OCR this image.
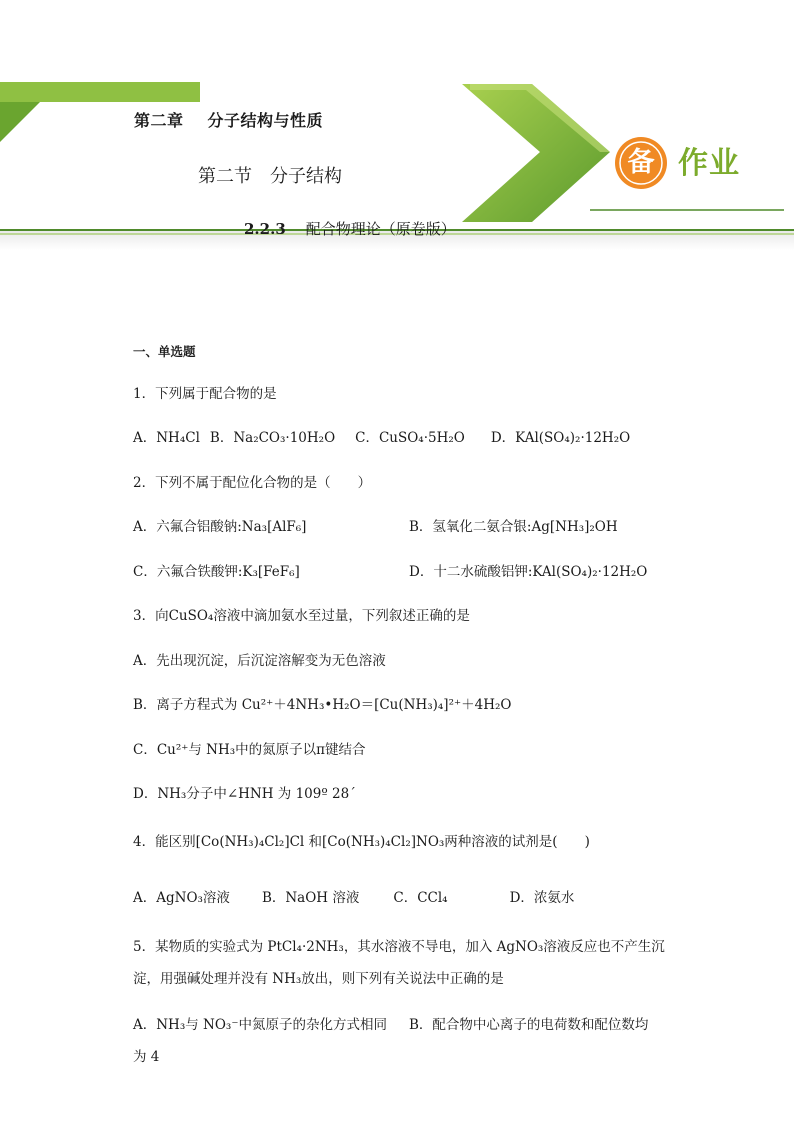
第二章 分子结构与性质
第二节 分子结构
2.2.3 配合物理论（原卷版）
备 作业
一、单选题
1．下列属于配合物的是
A．NH₄Cl B．Na₂CO₃·10H₂O C．CuSO₄·5H₂O D．KAl(SO₄)₂·12H₂O
2．下列不属于配位化合物的是（　　）
A．六氟合铝酸钠:Na₃[AlF₆]	B．氢氧化二氨合银:Ag[NH₃]₂OH
C．六氟合铁酸钾:K₃[FeF₆]	D．十二水硫酸铝钾:KAl(SO₄)₂·12H₂O
3．向CuSO₄溶液中滴加氨水至过量，下列叙述正确的是
A．先出现沉淀，后沉淀溶解变为无色溶液
B．离子方程式为 Cu²⁺＋4NH₃•H₂O＝[Cu(NH₃)₄]²⁺＋4H₂O
C．Cu²⁺与 NH₃中的氮原子以π键结合
D．NH₃分子中∠HNH 为 109º 28´
4．能区别[Co(NH₃)₄Cl₂]Cl 和[Co(NH₃)₄Cl₂]NO₃两种溶液的试剂是(　　)
A．AgNO₃溶液 B．NaOH 溶液	C．CCl₄	D．浓氨水
5．某物质的实验式为 PtCl₄·2NH₃，其水溶液不导电，加入 AgNO₃溶液反应也不产生沉
淀，用强碱处理并没有 NH₃放出，则下列有关说法中正确的是
A．NH₃与 NO₃⁻中氮原子的杂化方式相同 B．配合物中心离子的电荷数和配位数均
为 4
